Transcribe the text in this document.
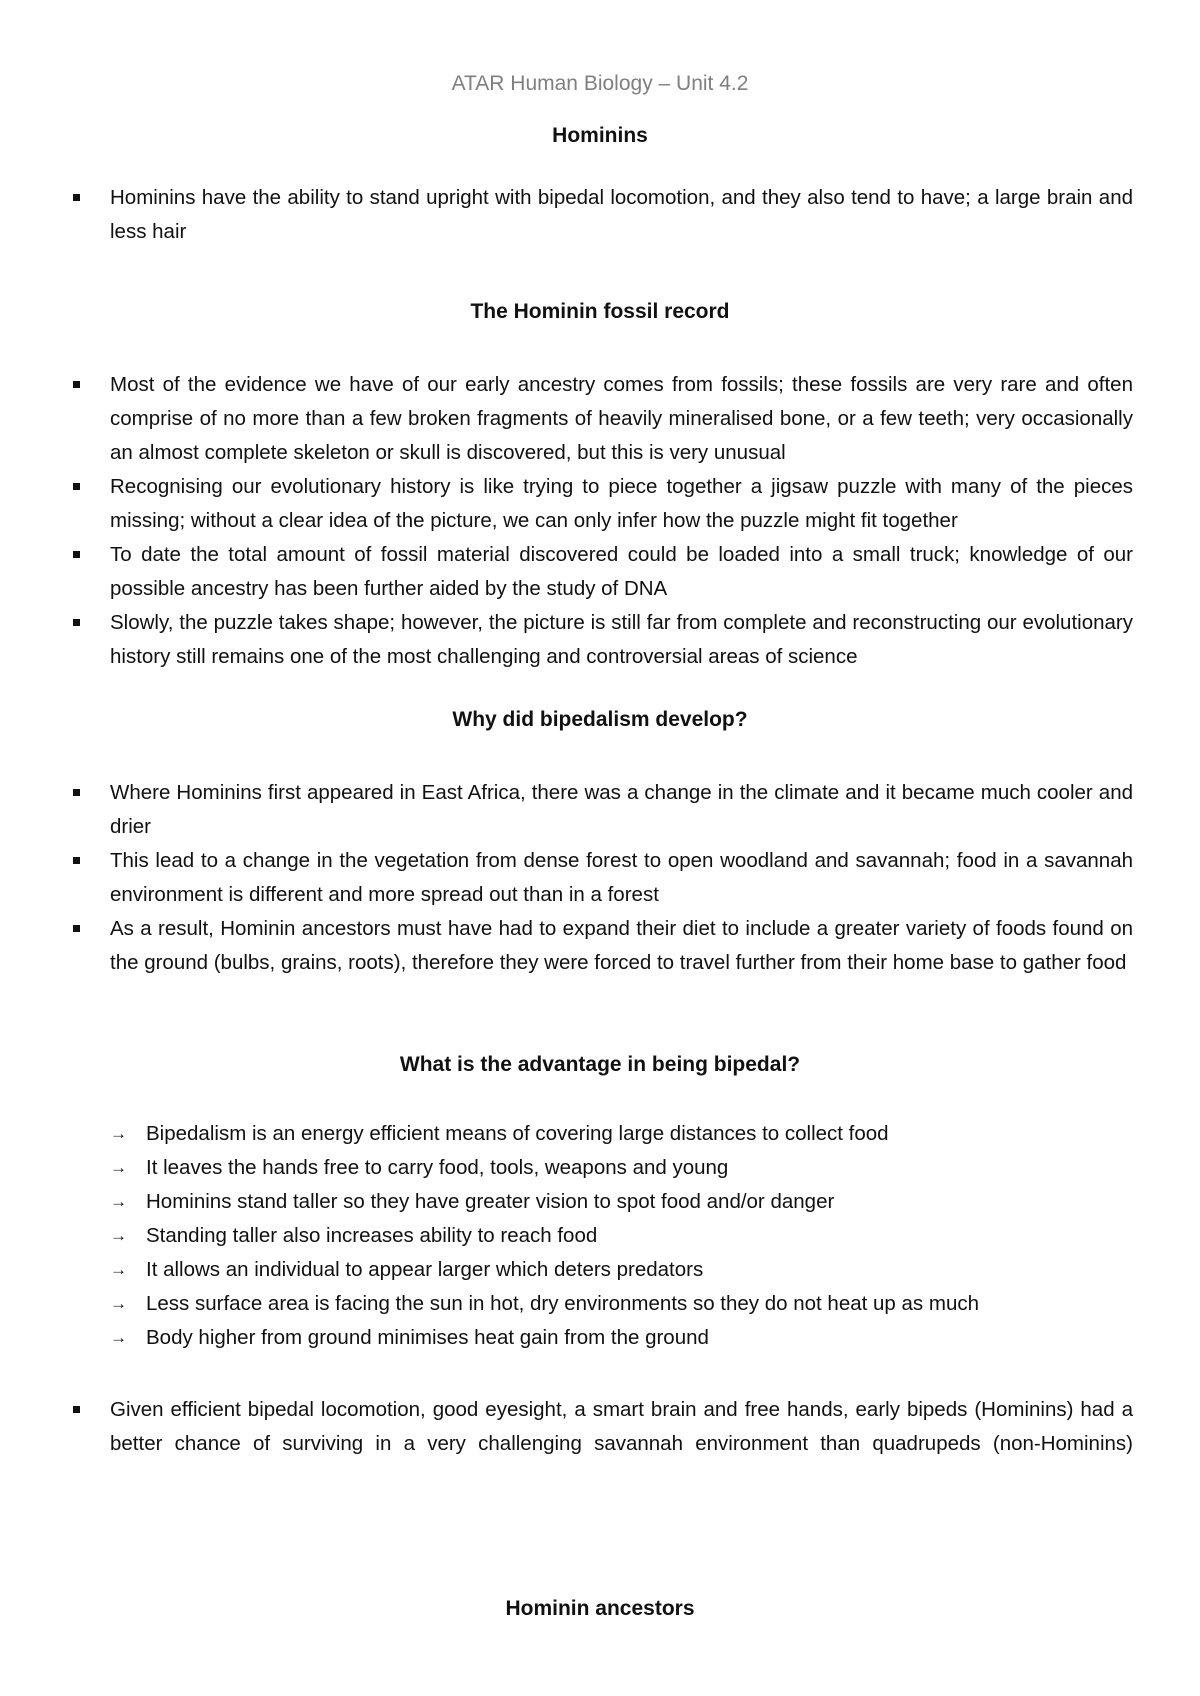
ATAR Human Biology – Unit 4.2
Hominins
Hominins have the ability to stand upright with bipedal locomotion, and they also tend to have; a large brain and less hair
The Hominin fossil record
Most of the evidence we have of our early ancestry comes from fossils; these fossils are very rare and often comprise of no more than a few broken fragments of heavily mineralised bone, or a few teeth; very occasionally an almost complete skeleton or skull is discovered, but this is very unusual
Recognising our evolutionary history is like trying to piece together a jigsaw puzzle with many of the pieces missing; without a clear idea of the picture, we can only infer how the puzzle might fit together
To date the total amount of fossil material discovered could be loaded into a small truck; knowledge of our possible ancestry has been further aided by the study of DNA
Slowly, the puzzle takes shape; however, the picture is still far from complete and reconstructing our evolutionary history still remains one of the most challenging and controversial areas of science
Why did bipedalism develop?
Where Hominins first appeared in East Africa, there was a change in the climate and it became much cooler and drier
This lead to a change in the vegetation from dense forest to open woodland and savannah; food in a savannah environment is different and more spread out than in a forest
As a result, Hominin ancestors must have had to expand their diet to include a greater variety of foods found on the ground (bulbs, grains, roots), therefore they were forced to travel further from their home base to gather food
What is the advantage in being bipedal?
→ Bipedalism is an energy efficient means of covering large distances to collect food
→ It leaves the hands free to carry food, tools, weapons and young
→ Hominins stand taller so they have greater vision to spot food and/or danger
→ Standing taller also increases ability to reach food
→ It allows an individual to appear larger which deters predators
→ Less surface area is facing the sun in hot, dry environments so they do not heat up as much
→ Body higher from ground minimises heat gain from the ground
Given efficient bipedal locomotion, good eyesight, a smart brain and free hands, early bipeds (Hominins) had a better chance of surviving in a very challenging savannah environment than quadrupeds (non-Hominins)
Hominin ancestors
